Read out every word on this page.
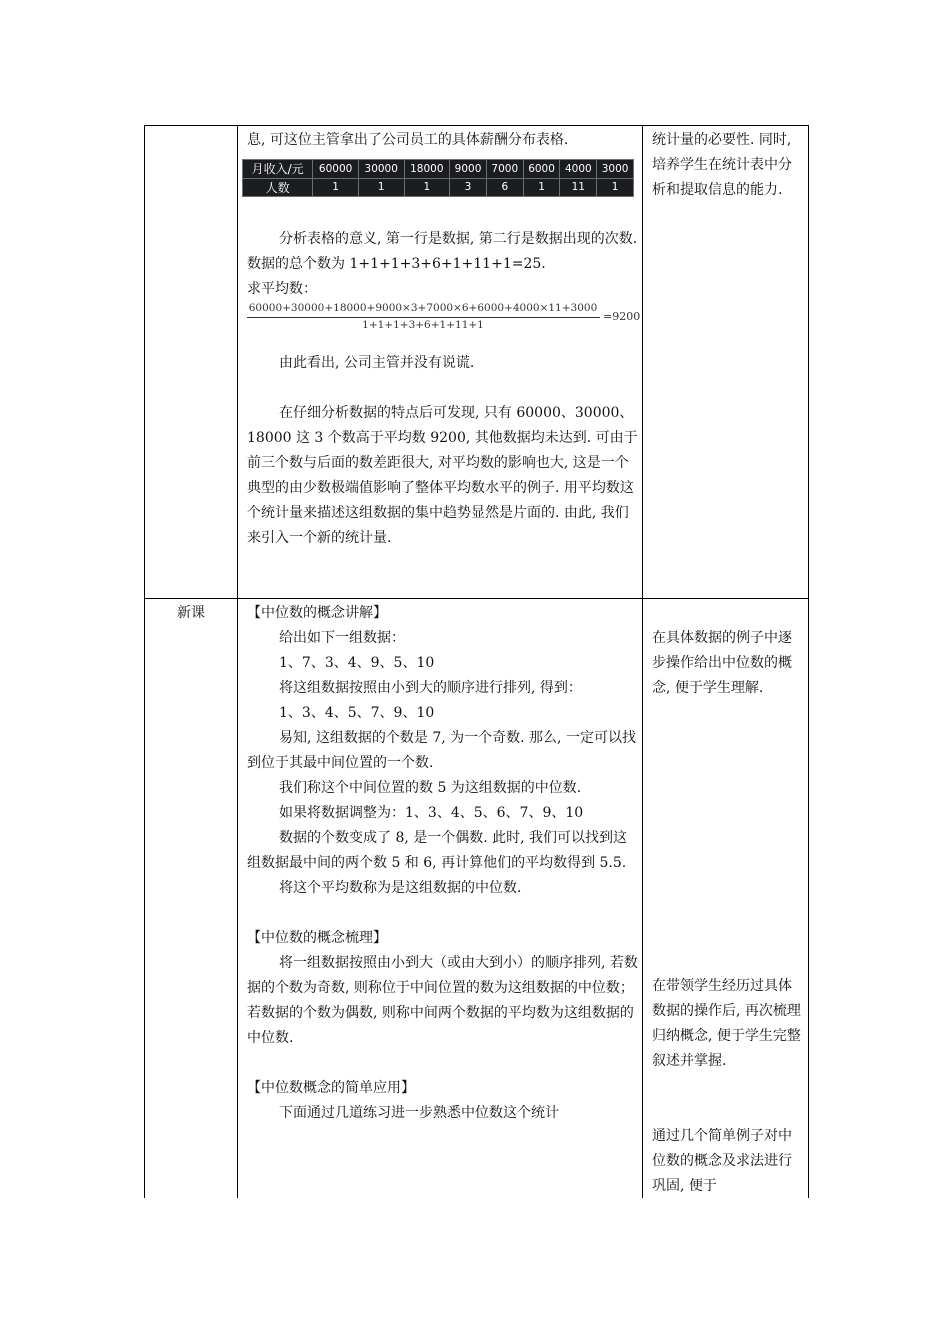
息, 可这位主管拿出了公司员工的具体薪酬分布表格.
月收入/元	60000	30000	18000	9000	7000	6000	4000	3000
人数	1	1	1	3	6	1	11	1
分析表格的意义, 第一行是数据, 第二行是数据出现的次数. 数据的总个数为 1+1+1+3+6+1+11+1=25.
求平均数：
60000+30000+18000+9000×3+7000×6+6000+4000×11+3000
1+1+1+3+6+1+11+1
=9200
由此看出, 公司主管并没有说谎.
在仔细分析数据的特点后可发现, 只有 60000、30000、18000 这 3 个数高于平均数 9200, 其他数据均未达到. 可由于前三个数与后面的数差距很大, 对平均数的影响也大, 这是一个典型的由少数极端值影响了整体平均数水平的例子. 用平均数这个统计量来描述这组数据的集中趋势显然是片面的. 由此, 我们来引入一个新的统计量.
统计量的必要性. 同时, 培养学生在统计表中分析和提取信息的能力.
新课	【中位数的概念讲解】

给出如下一组数据：

1、7、3、4、9、5、10

将这组数据按照由小到大的顺序进行排列, 得到：

1、3、4、5、7、9、10

易知, 这组数据的个数是 7, 为一个奇数. 那么, 一定可以找到位于其最中间位置的一个数.

我们称这个中间位置的数 5 为这组数据的中位数.

如果将数据调整为：1、3、4、5、6、7、9、10

数据的个数变成了 8, 是一个偶数. 此时, 我们可以找到这组数据最中间的两个数 5 和 6, 再计算他们的平均数得到 5.5.

将这个平均数称为是这组数据的中位数.

【中位数的概念梳理】

将一组数据按照由小到大（或由大到小）的顺序排列, 若数据的个数为奇数, 则称位于中间位置的数为这组数据的中位数；若数据的个数为偶数, 则称中间两个数据的平均数为这组数据的中位数.

【中位数概念的简单应用】

下面通过几道练习进一步熟悉中位数这个统计

在具体数据的例子中逐步操作给出中位数的概念, 便于学生理解.
在带领学生经历过具体数据的操作后, 再次梳理归纳概念, 便于学生完整叙述并掌握.
通过几个简单例子对中位数的概念及求法进行巩固, 便于
